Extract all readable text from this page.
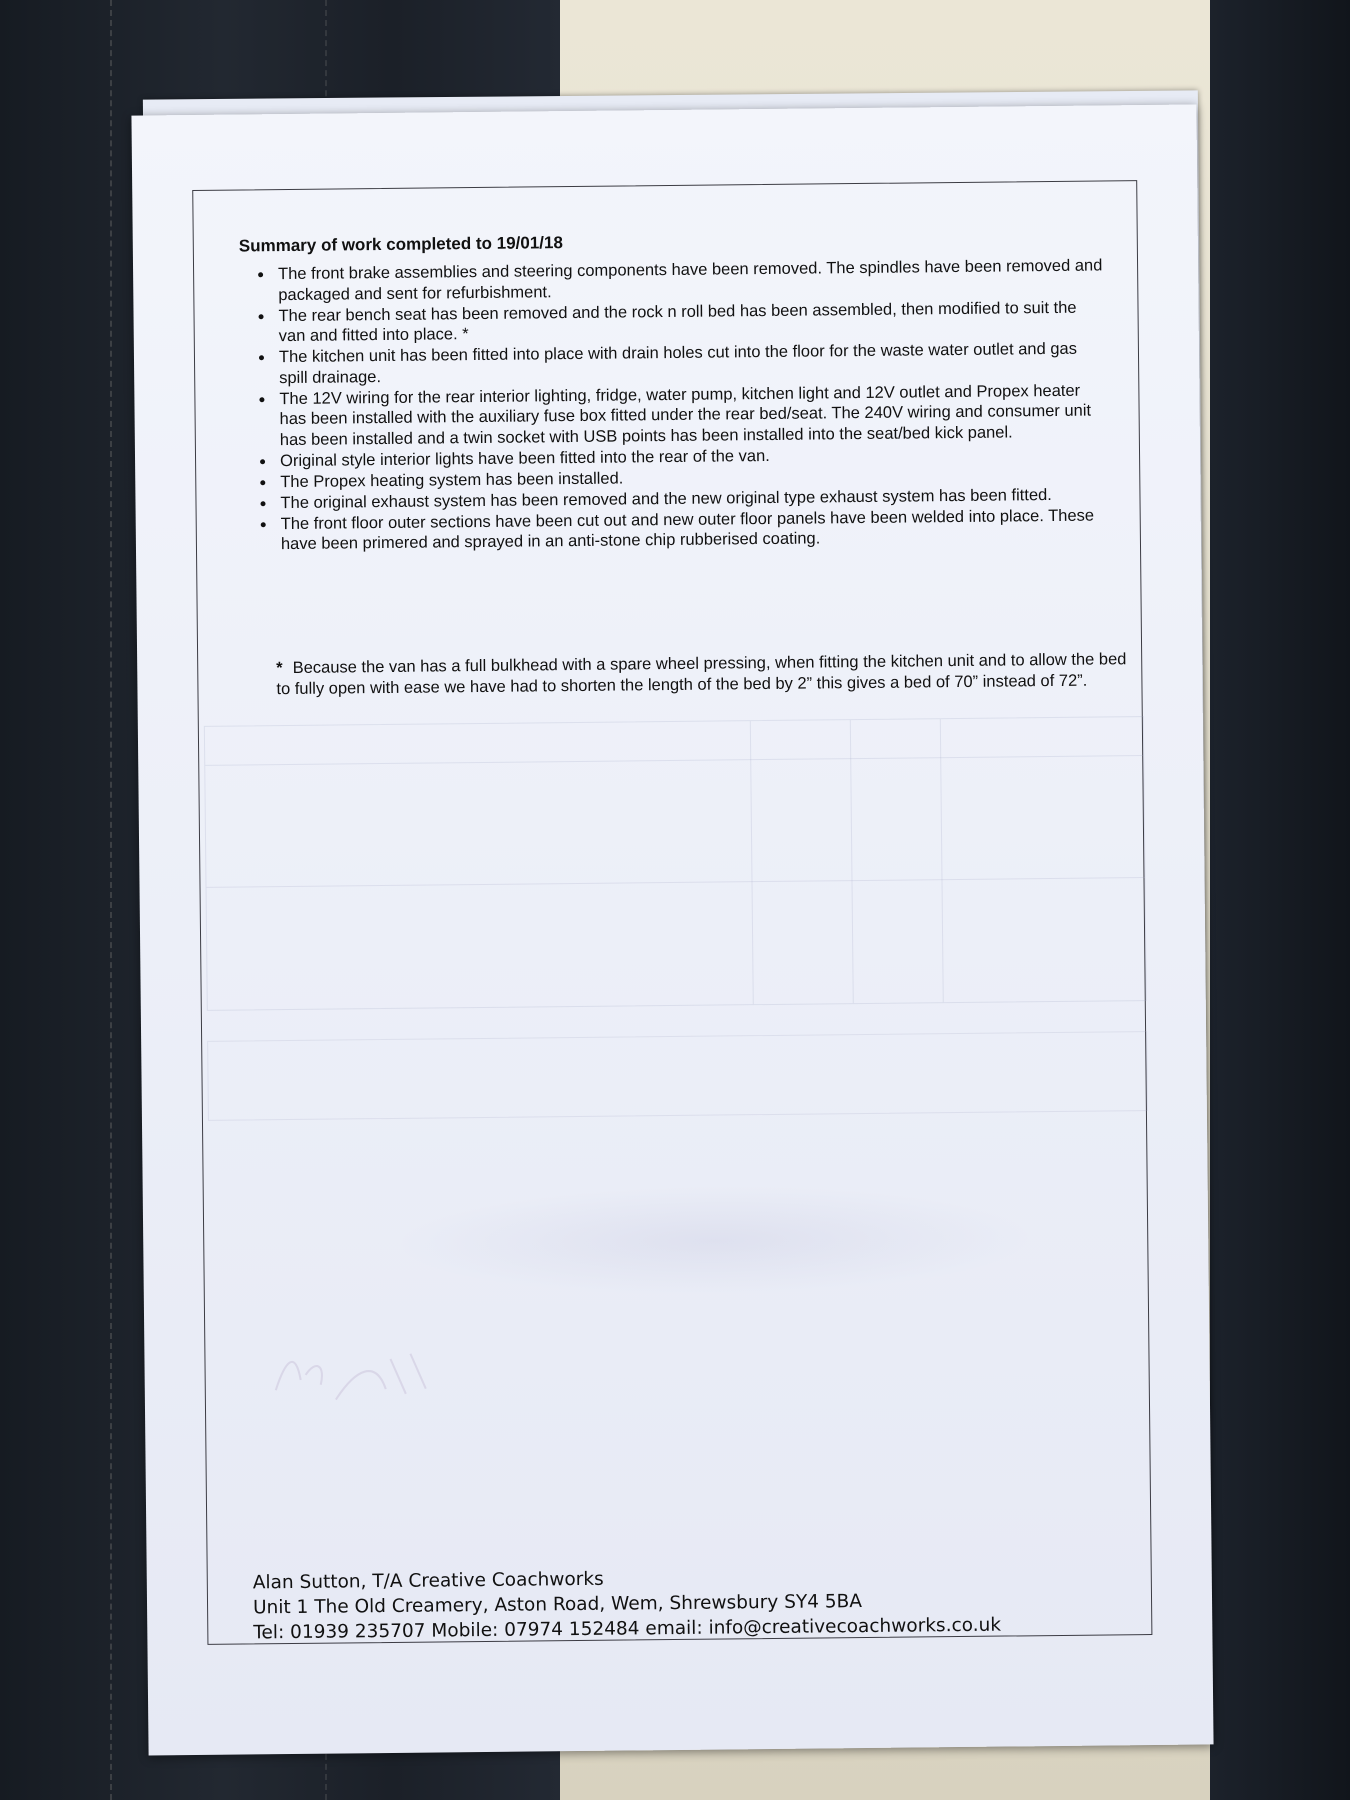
Summary of work completed to 19/01/18
• The front brake assemblies and steering components have been removed. The spindles have been removed and packaged and sent for refurbishment.
• The rear bench seat has been removed and the rock n roll bed has been assembled, then modified to suit the van and fitted into place. *
• The kitchen unit has been fitted into place with drain holes cut into the floor for the waste water outlet and gas spill drainage.
• The 12V wiring for the rear interior lighting, fridge, water pump, kitchen light and 12V outlet and Propex heater has been installed with the auxiliary fuse box fitted under the rear bed/seat. The 240V wiring and consumer unit has been installed and a twin socket with USB points has been installed into the seat/bed kick panel.
• Original style interior lights have been fitted into the rear of the van.
• The Propex heating system has been installed.
• The original exhaust system has been removed and the new original type exhaust system has been fitted.
• The front floor outer sections have been cut out and new outer floor panels have been welded into place. These have been primered and sprayed in an anti-stone chip rubberised coating.

* Because the van has a full bulkhead with a spare wheel pressing, when fitting the kitchen unit and to allow the bed to fully open with ease we have had to shorten the length of the bed by 2” this gives a bed of 70” instead of 72”.

Alan Sutton, T/A Creative Coachworks
Unit 1 The Old Creamery, Aston Road, Wem, Shrewsbury SY4 5BA
Tel: 01939 235707 Mobile: 07974 152484 email: info@creativecoachworks.co.uk
